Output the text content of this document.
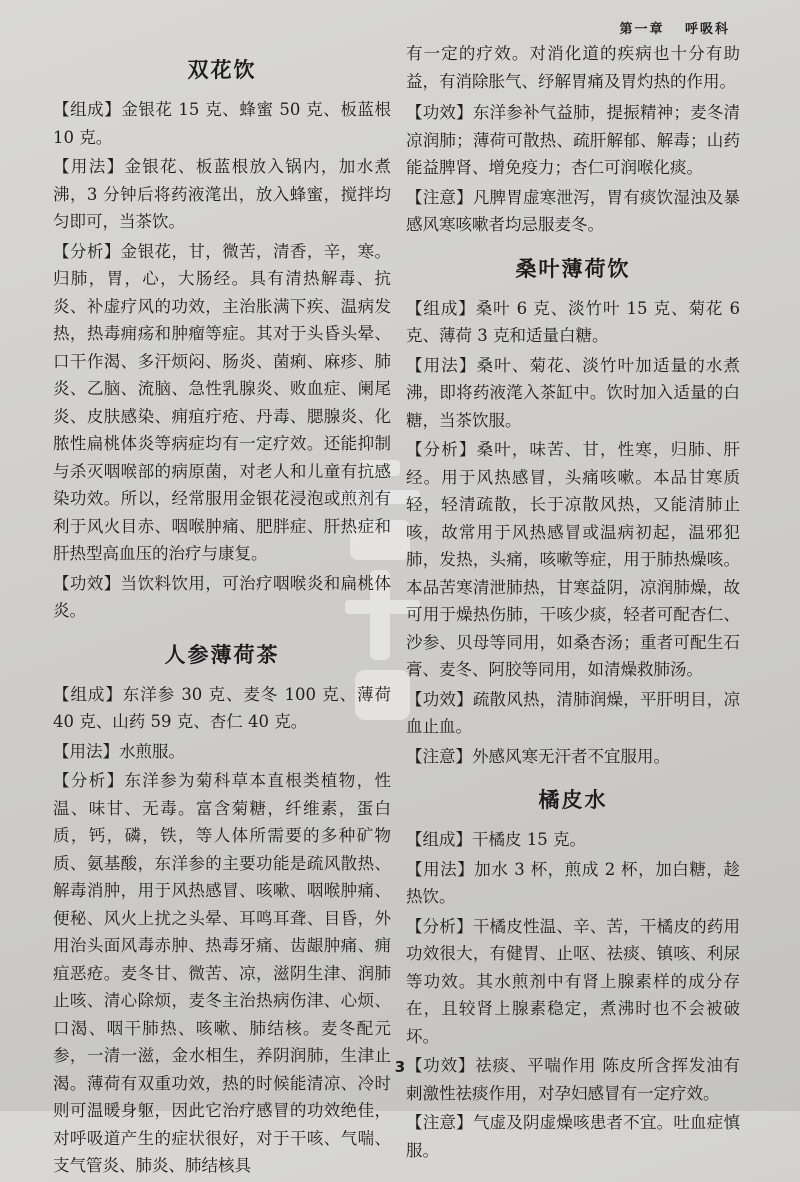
第一章 呼吸科
双花饮

【组成】金银花 15 克、蜂蜜 50 克、板蓝根 10 克。

【用法】金银花、板蓝根放入锅内，加水煮沸，3 分钟后将药液滗出，放入蜂蜜，搅拌均匀即可，当茶饮。

【分析】金银花，甘，微苦，清香，辛，寒。归肺，胃，心，大肠经。具有清热解毒、抗炎、补虚疗风的功效，主治胀满下疾、温病发热，热毒痈疡和肿瘤等症。其对于头昏头晕、口干作渴、多汗烦闷、肠炎、菌痢、麻疹、肺炎、乙脑、流脑、急性乳腺炎、败血症、阑尾炎、皮肤感染、痈疽疔疮、丹毒、腮腺炎、化脓性扁桃体炎等病症均有一定疗效。还能抑制与杀灭咽喉部的病原菌，对老人和儿童有抗感染功效。所以，经常服用金银花浸泡或煎剂有利于风火目赤、咽喉肿痛、肥胖症、肝热症和肝热型高血压的治疗与康复。

【功效】当饮料饮用，可治疗咽喉炎和扁桃体炎。

人参薄荷茶

【组成】东洋参 30 克、麦冬 100 克、薄荷 40 克、山药 59 克、杏仁 40 克。

【用法】水煎服。

【分析】东洋参为菊科草本直根类植物，性温、味甘、无毒。富含菊糖，纤维素，蛋白质，钙，磷，铁，等人体所需要的多种矿物质、氨基酸，东洋参的主要功能是疏风散热、解毒消肿，用于风热感冒、咳嗽、咽喉肿痛、便秘、风火上扰之头晕、耳鸣耳聋、目昏，外用治头面风毒赤肿、热毒牙痛、齿龈肿痛、痈疽恶疮。麦冬甘、微苦、凉，滋阴生津、润肺止咳、清心除烦，麦冬主治热病伤津、心烦、口渴、咽干肺热、咳嗽、肺结核。麦冬配元参，一清一滋，金水相生，养阴润肺，生津止渴。薄荷有双重功效，热的时候能清凉、冷时则可温暖身躯，因此它治疗感冒的功效绝佳，对呼吸道产生的症状很好，对于干咳、气喘、支气管炎、肺炎、肺结核具

有一定的疗效。对消化道的疾病也十分有助益，有消除胀气、纾解胃痛及胃灼热的作用。

【功效】东洋参补气益肺，提振精神；麦冬清凉润肺；薄荷可散热、疏肝解郁、解毒；山药能益脾肾、增免疫力；杏仁可润喉化痰。

【注意】凡脾胃虚寒泄泻，胃有痰饮湿浊及暴感风寒咳嗽者均忌服麦冬。

桑叶薄荷饮

【组成】桑叶 6 克、淡竹叶 15 克、菊花 6 克、薄荷 3 克和适量白糖。

【用法】桑叶、菊花、淡竹叶加适量的水煮沸，即将药液滗入茶缸中。饮时加入适量的白糖，当茶饮服。

【分析】桑叶，味苦、甘，性寒，归肺、肝经。用于风热感冒，头痛咳嗽。本品甘寒质轻，轻清疏散，长于凉散风热，又能清肺止咳，故常用于风热感冒或温病初起，温邪犯肺，发热，头痛，咳嗽等症，用于肺热燥咳。本品苦寒清泄肺热，甘寒益阴，凉润肺燥，故可用于燥热伤肺，干咳少痰，轻者可配杏仁、沙参、贝母等同用，如桑杏汤；重者可配生石膏、麦冬、阿胶等同用，如清燥救肺汤。

【功效】疏散风热，清肺润燥，平肝明目，凉血止血。

【注意】外感风寒无汗者不宜服用。

橘皮水

【组成】干橘皮 15 克。

【用法】加水 3 杯，煎成 2 杯，加白糖，趁热饮。

【分析】干橘皮性温、辛、苦，干橘皮的药用功效很大，有健胃、止呕、祛痰、镇咳、利尿等功效。其水煎剂中有肾上腺素样的成分存在，且较肾上腺素稳定，煮沸时也不会被破坏。

【功效】祛痰、平喘作用 陈皮所含挥发油有刺激性祛痰作用，对孕妇感冒有一定疗效。

【注意】气虚及阴虚燥咳患者不宜。吐血症慎服。

3
